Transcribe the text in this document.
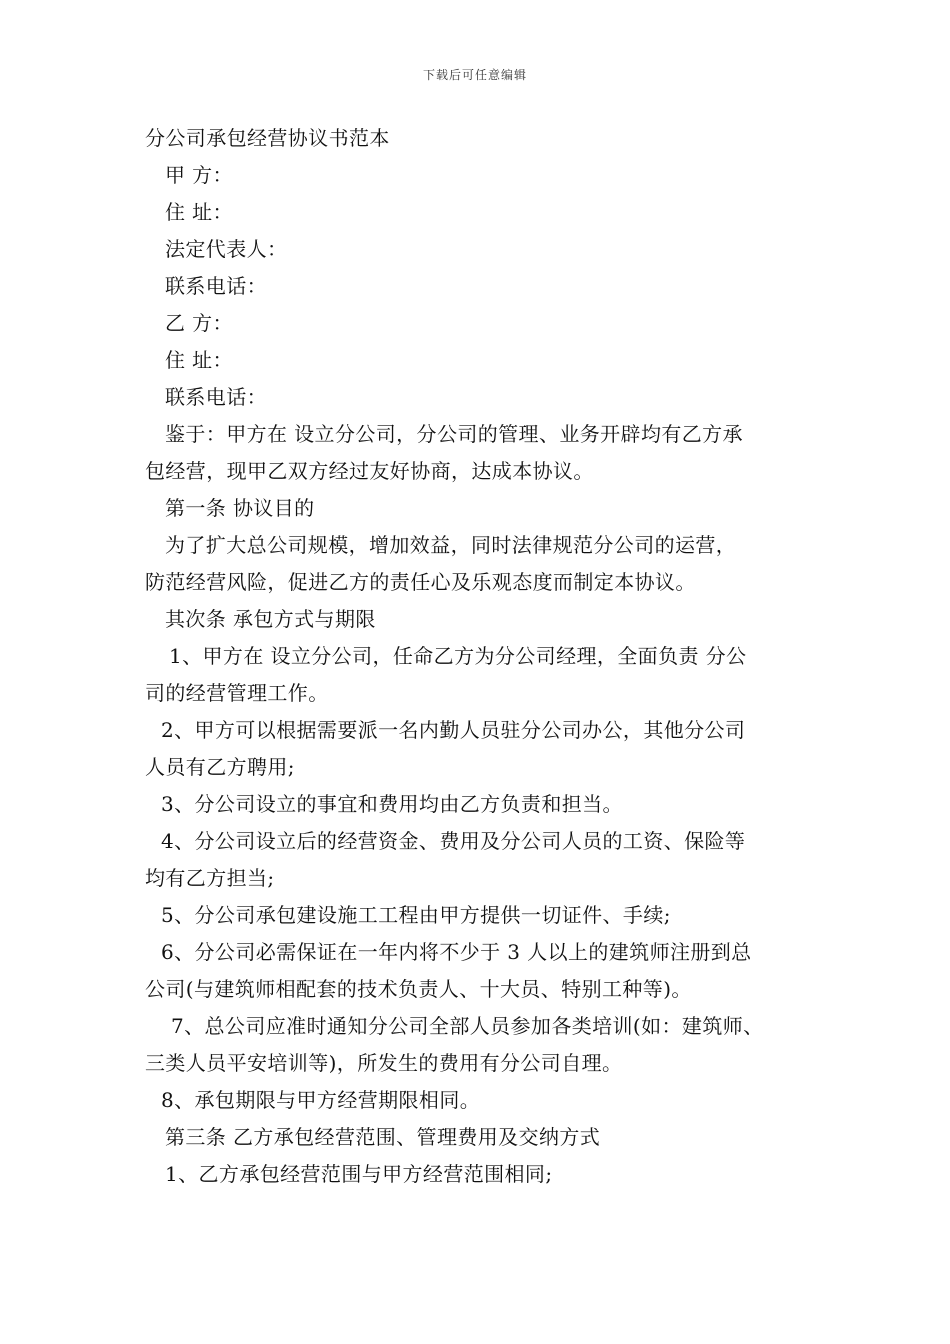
下载后可任意编辑
分公司承包经营协议书范本
甲 方：
住 址：
法定代表人：
联系电话：
乙 方：
住 址：
联系电话：
鉴于：甲方在 设立分公司，分公司的管理、业务开辟均有乙方承
包经营，现甲乙双方经过友好协商，达成本协议。
第一条 协议目的
为了扩大总公司规模，增加效益，同时法律规范分公司的运营，
防范经营风险，促进乙方的责任心及乐观态度而制定本协议。
其次条 承包方式与期限
1、甲方在 设立分公司，任命乙方为分公司经理，全面负责 分公
司的经营管理工作。
2、甲方可以根据需要派一名内勤人员驻分公司办公，其他分公司
人员有乙方聘用;
3、分公司设立的事宜和费用均由乙方负责和担当。
4、分公司设立后的经营资金、费用及分公司人员的工资、保险等
均有乙方担当;
5、分公司承包建设施工工程由甲方提供一切证件、手续;
6、分公司必需保证在一年内将不少于 3 人以上的建筑师注册到总
公司(与建筑师相配套的技术负责人、十大员、特别工种等)。
7、总公司应准时通知分公司全部人员参加各类培训(如：建筑师、
三类人员平安培训等)，所发生的费用有分公司自理。
8、承包期限与甲方经营期限相同。
第三条 乙方承包经营范围、管理费用及交纳方式
1、乙方承包经营范围与甲方经营范围相同;
